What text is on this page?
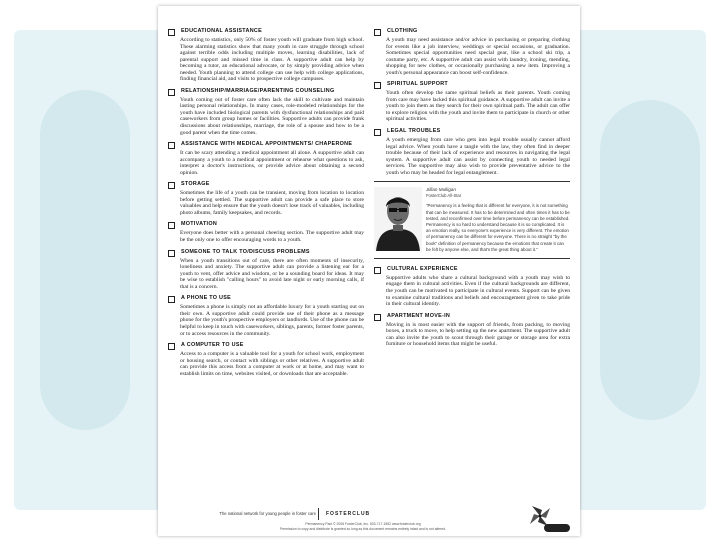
EDUCATIONAL ASSISTANCE
According to statistics, only 50% of foster youth will graduate from high school. These alarming statistics show that many youth in care struggle through school against terrible odds including multiple moves, learning disabilities, lack of parental support and missed time in class. A supportive adult can help by becoming a tutor, an educational advocate, or by simply providing advice when needed. Youth planning to attend college can use help with college applications, finding financial aid, and visits to prospective college campuses.
RELATIONSHIP/MARRIAGE/PARENTING COUNSELING
Youth coming out of foster care often lack the skill to cultivate and maintain lasting personal relationships. In many cases, role-modeled relationships for the youth have included biological parents with dysfunctional relationships and paid caseworkers from group homes or facilities. Supportive adults can provide frank discussions about relationships, marriage, the role of a spouse and how to be a good parent when the time comes.
ASSISTANCE WITH MEDICAL APPOINTMENTS/ CHAPERONE
It can be scary attending a medical appointment all alone. A supportive adult can accompany a youth to a medical appointment or rehearse what questions to ask, interpret a doctor's instructions, or provide advice about obtaining a second opinion.
STORAGE
Sometimes the life of a youth can be transient, moving from location to location before getting settled. The supportive adult can provide a safe place to store valuables and help ensure that the youth doesn't lose track of valuables, including photo albums, family keepsakes, and records.
MOTIVATION
Everyone does better with a personal cheering section. The supportive adult may be the only one to offer encouraging words to a youth.
SOMEONE TO TALK TO/DISCUSS PROBLEMS
When a youth transitions out of care, there are often moments of insecurity, loneliness and anxiety. The supportive adult can provide a listening ear for a youth to vent, offer advice and wisdom, or be a sounding board for ideas. It may be wise to establish "calling hours" to avoid late night or early morning calls, if that is a concern.
A PHONE TO USE
Sometimes a phone is simply not an affordable luxury for a youth starting out on their own. A supportive adult could provide use of their phone as a message phone for the youth's prospective employers or landlords. Use of the phone can be helpful to keep in touch with caseworkers, siblings, parents, former foster parents, or to access resources in the community.
A COMPUTER TO USE
Access to a computer is a valuable tool for a youth for school work, employment or housing search, or contact with siblings or other relatives. A supportive adult can provide this access from a computer at work or at home, and may want to establish limits on time, websites visited, or downloads that are acceptable.
CLOTHING
A youth may need assistance and/or advice in purchasing or preparing clothing for events like a job interview, weddings or special occasions, or graduation. Sometimes special opportunities need special gear, like a school ski trip, a costume party, etc. A supportive adult can assist with laundry, ironing, mending, shopping for new clothes, or occasionally purchasing a new item. Improving a youth's personal appearance can boost self-confidence.
SPIRITUAL SUPPORT
Youth often develop the same spiritual beliefs as their parents. Youth coming from care may have lacked this spiritual guidance. A supportive adult can invite a youth to join them as they search for their own spiritual path. The adult can offer to explore religion with the youth and invite them to participate in church or other spiritual activities.
LEGAL TROUBLES
A youth emerging from care who gets into legal trouble usually cannot afford legal advice. When youth have a tangle with the law, they often find in deeper trouble because of their lack of experience and resources in navigating the legal system. A supportive adult can assist by connecting youth to needed legal services. The supportive may also wish to provide preventative advice to the youth who may be headed for legal entanglement.
Jillian Mulligan
FosterClub All-Star
"Permanency is a feeling that is different for everyone, it is not something that can be measured. It has to be determined and often times it has to be tested, and reconfirmed over time before permanency can be established. Permanency is so hard to understand because it is so complicated. It is an emotion really, so everyone's experience is very different. The emotion of permanency can be different for everyone. There is no straight "by the book" definition of permanency because the emotions that create it can be felt by anyone else, and that's the great thing about it."
CULTURAL EXPERIENCE
Supportive adults who share a cultural background with a youth may wish to engage them in cultural activities. Even if the cultural backgrounds are different, the youth can be motivated to participate in cultural events. Support can be given to examine cultural traditions and beliefs and encouragement given to take pride in their cultural identity.
APARTMENT MOVE-IN
Moving in is most easier with the support of friends, from packing, to moving boxes, a truck to move, to help setting up the new apartment. The supportive adult can also invite the youth to scout through their garage or storage area for extra furniture or household items that might be useful.
The national network for young people in foster care FOSTERCLUB
Permanency Pact © 2006 FosterClub, Inc. 503-717-1552 www.fosterclub.org
Permission to copy and distribute is granted so long as this document remains entirely intact and is not altered.
